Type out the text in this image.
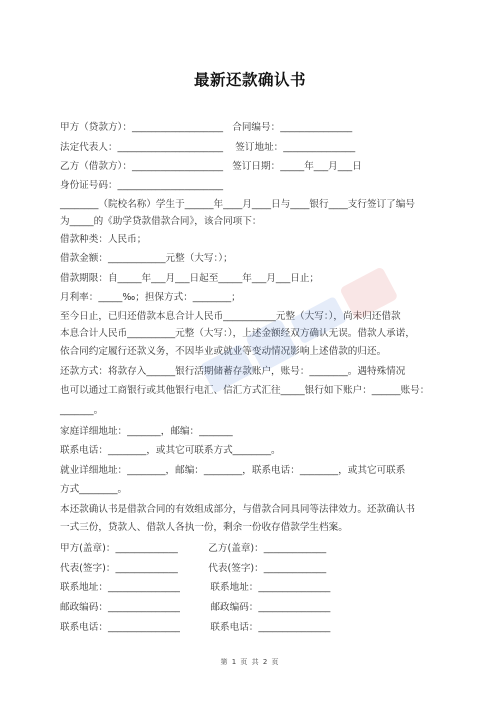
最新还款确认书
甲方（贷款方）：___________________   合同编号：_______________
法定代表人：______________________    签订地址：_______________
乙方（借款方）：___________________   签订日期：_____年___月___日
身份证号码：______________________
________（院校名称）学生于______年____月____日与____银行____支行签订了编号
为_____的《助学贷款借款合同》，该合同项下：
借款种类：人民币；
借款金额：____________元整（大写：）；
借款期限：自_____年___月___日起至_____年___月___日止；
月利率：_____‰；担保方式：________；
至今日止，已归还借款本息合计人民币___________元整（大写：），尚未归还借款
本息合计人民币__________元整（大写：），上述金额经双方确认无误。借款人承诺，
依合同约定履行还款义务，不因毕业或就业等变动情况影响上述借款的归还。
还款方式：将款存入______银行活期储蓄存款账户，账号：________。遇特殊情况
也可以通过工商银行或其他银行电汇、信汇方式汇往_____银行如下账户：______账号：
_______。
家庭详细地址：_______，邮编：_______
联系电话：________，或其它可联系方式________。
就业详细地址：________，邮编：________，联系电话：________，或其它可联系
方式________。
本还款确认书是借款合同的有效组成部分，与借款合同具同等法律效力。还款确认书
一式三份，贷款人、借款人各执一份，剩余一份收存借款学生档案。
甲方(盖章)：_____________          乙方(盖章)：_____________
代表(签字)：_____________          代表(签字)：_____________
联系地址：_______________          联系地址：_______________
邮政编码：_______________          邮政编码：_______________
联系电话：_______________          联系电话：_______________
第 1 页 共 2 页
